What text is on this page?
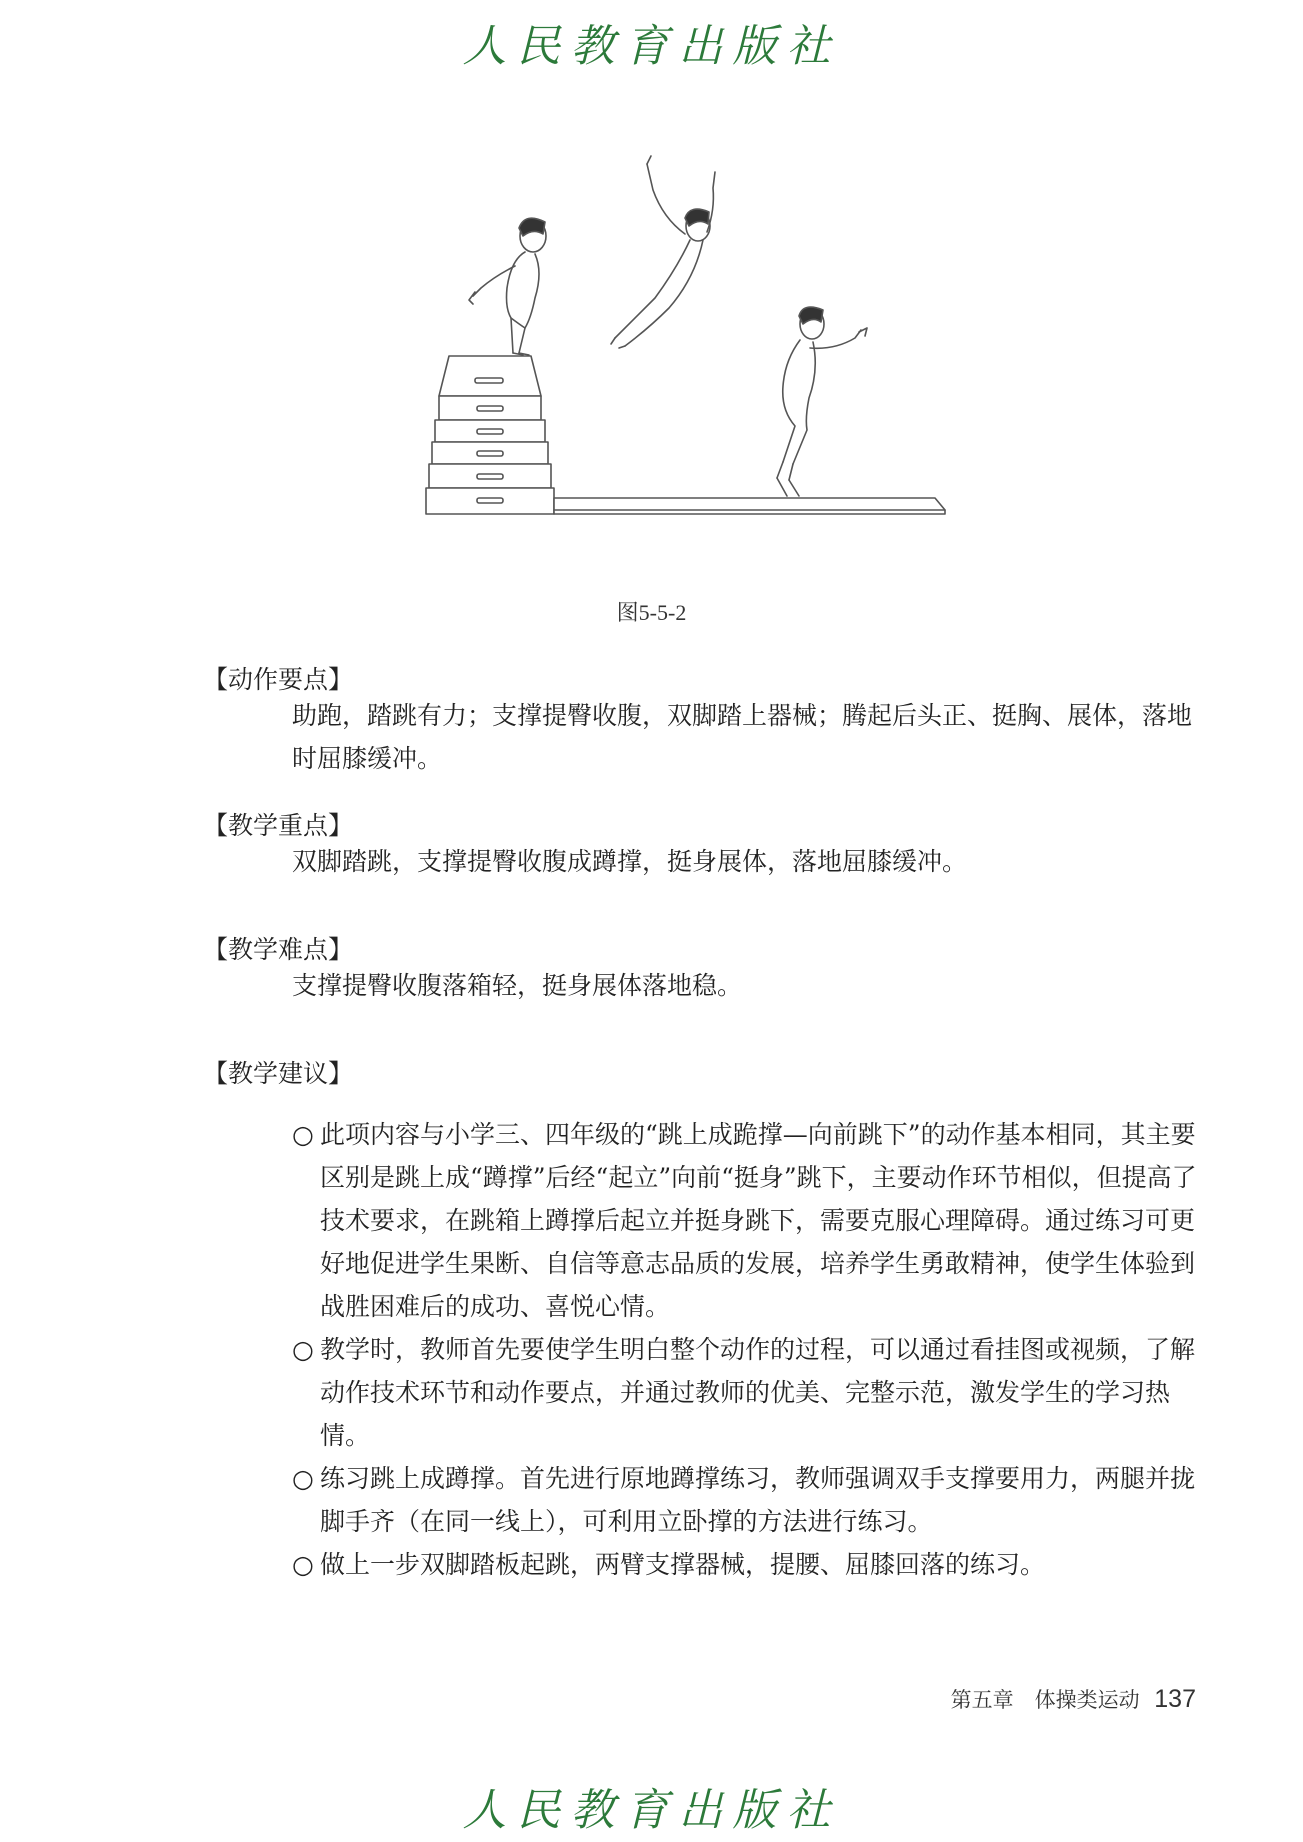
人民教育出版社
图5-5-2
【动作要点】
助跑，踏跳有力；支撑提臀收腹，双脚踏上器械；腾起后头正、挺胸、展体，落地时屈膝缓冲。
【教学重点】
双脚踏跳，支撑提臀收腹成蹲撑，挺身展体，落地屈膝缓冲。
【教学难点】
支撑提臀收腹落箱轻，挺身展体落地稳。
【教学建议】
○ 此项内容与小学三、四年级的“跳上成跪撑—向前跳下”的动作基本相同，其主要区别是跳上成“蹲撑”后经“起立”向前“挺身”跳下，主要动作环节相似，但提高了技术要求，在跳箱上蹲撑后起立并挺身跳下，需要克服心理障碍。通过练习可更好地促进学生果断、自信等意志品质的发展，培养学生勇敢精神，使学生体验到战胜困难后的成功、喜悦心情。
○ 教学时，教师首先要使学生明白整个动作的过程，可以通过看挂图或视频，了解动作技术环节和动作要点，并通过教师的优美、完整示范，激发学生的学习热情。
○ 练习跳上成蹲撑。首先进行原地蹲撑练习，教师强调双手支撑要用力，两腿并拢脚手齐（在同一线上），可利用立卧撑的方法进行练习。
○ 做上一步双脚踏板起跳，两臂支撑器械，提腰、屈膝回落的练习。
第五章　体操类运动 137
人民教育出版社
